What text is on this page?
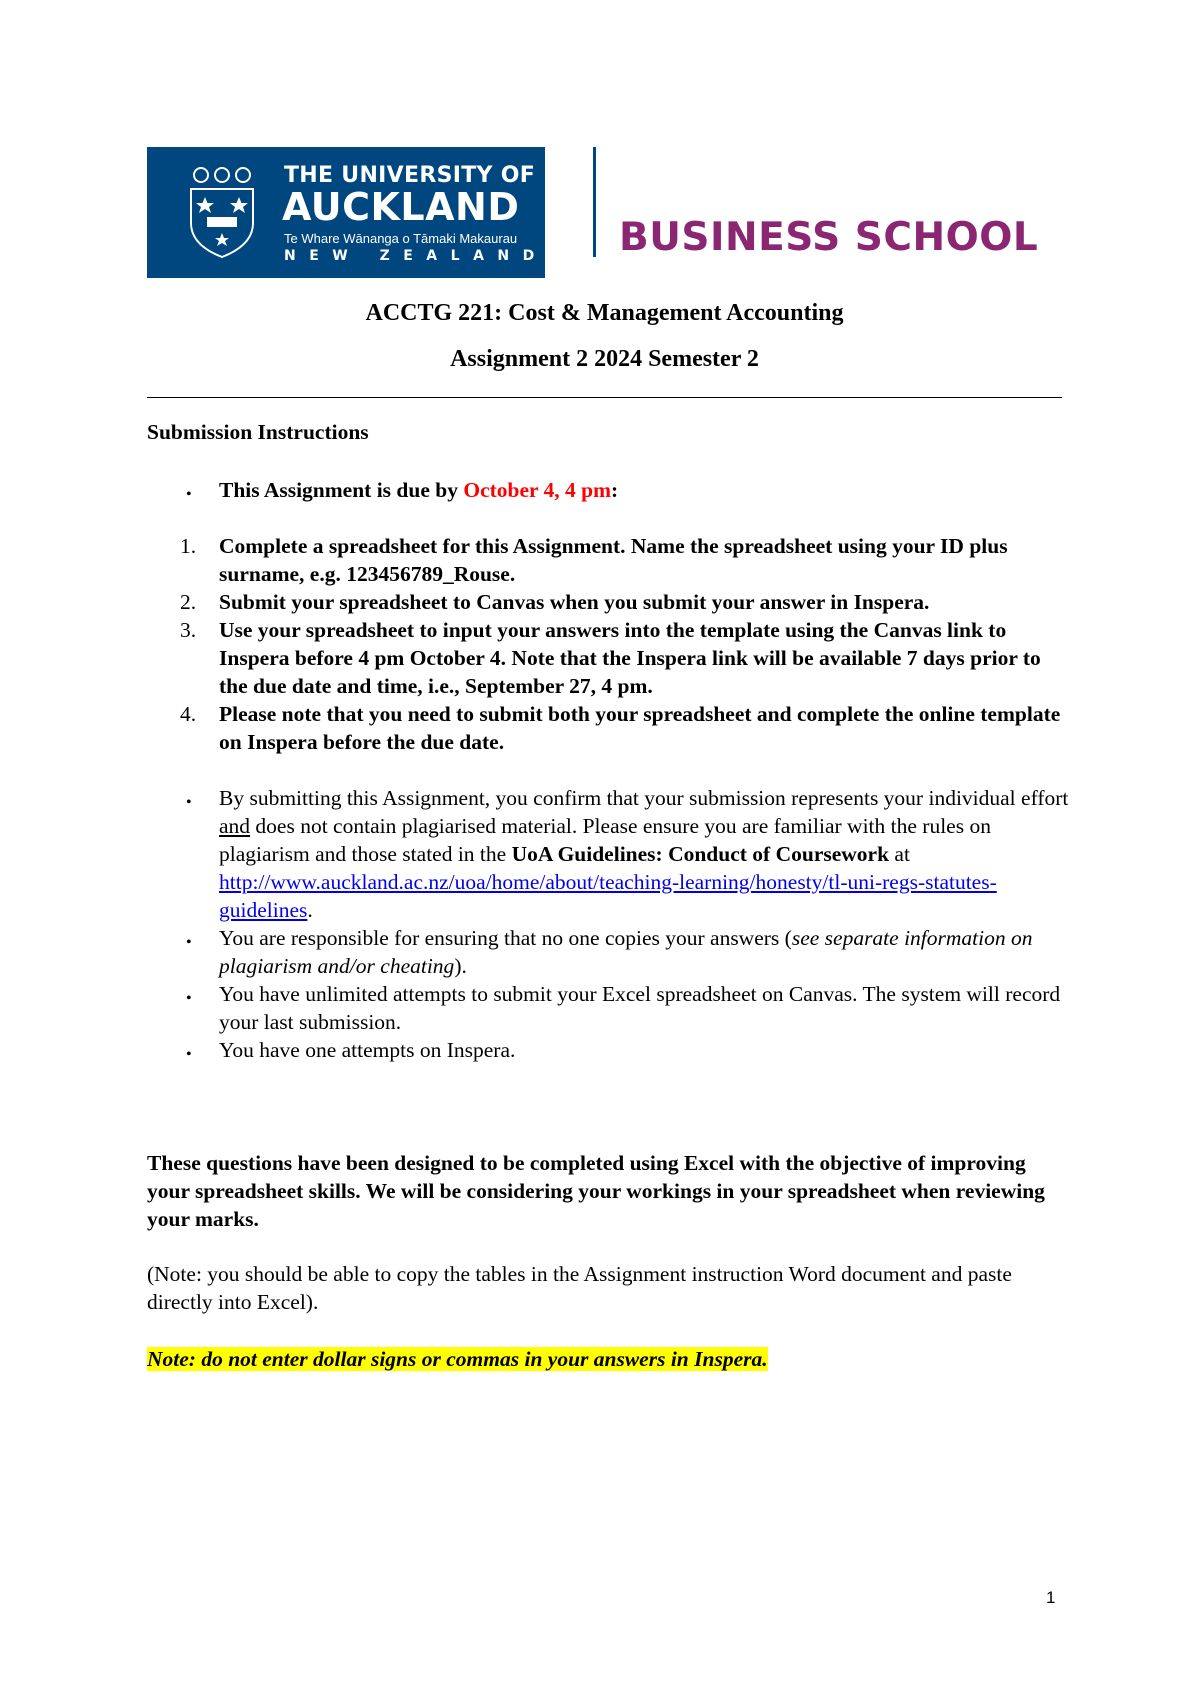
THE UNIVERSITY OF
AUCKLAND
Te Whare Wānanga o Tāmaki Makaurau
NEW ZEALAND BUSINESS SCHOOL
ACCTG 221: Cost & Management Accounting
Assignment 2 2024 Semester 2
Submission Instructions
• This Assignment is due by October 4, 4 pm:
1. Complete a spreadsheet for this Assignment. Name the spreadsheet using your ID plus surname, e.g. 123456789_Rouse.
2. Submit your spreadsheet to Canvas when you submit your answer in Inspera.
3. Use your spreadsheet to input your answers into the template using the Canvas link to Inspera before 4 pm October 4. Note that the Inspera link will be available 7 days prior to the due date and time, i.e., September 27, 4 pm.
4. Please note that you need to submit both your spreadsheet and complete the online template on Inspera before the due date.
• By submitting this Assignment, you confirm that your submission represents your individual effort and does not contain plagiarised material. Please ensure you are familiar with the rules on plagiarism and those stated in the UoA Guidelines: Conduct of Coursework at http://www.auckland.ac.nz/uoa/home/about/teaching-learning/honesty/tl-uni-regs-statutes-guidelines.
• You are responsible for ensuring that no one copies your answers (see separate information on plagiarism and/or cheating).
• You have unlimited attempts to submit your Excel spreadsheet on Canvas. The system will record your last submission.
• You have one attempts on Inspera.
These questions have been designed to be completed using Excel with the objective of improving your spreadsheet skills. We will be considering your workings in your spreadsheet when reviewing your marks.
(Note: you should be able to copy the tables in the Assignment instruction Word document and paste directly into Excel).
Note: do not enter dollar signs or commas in your answers in Inspera.
1
